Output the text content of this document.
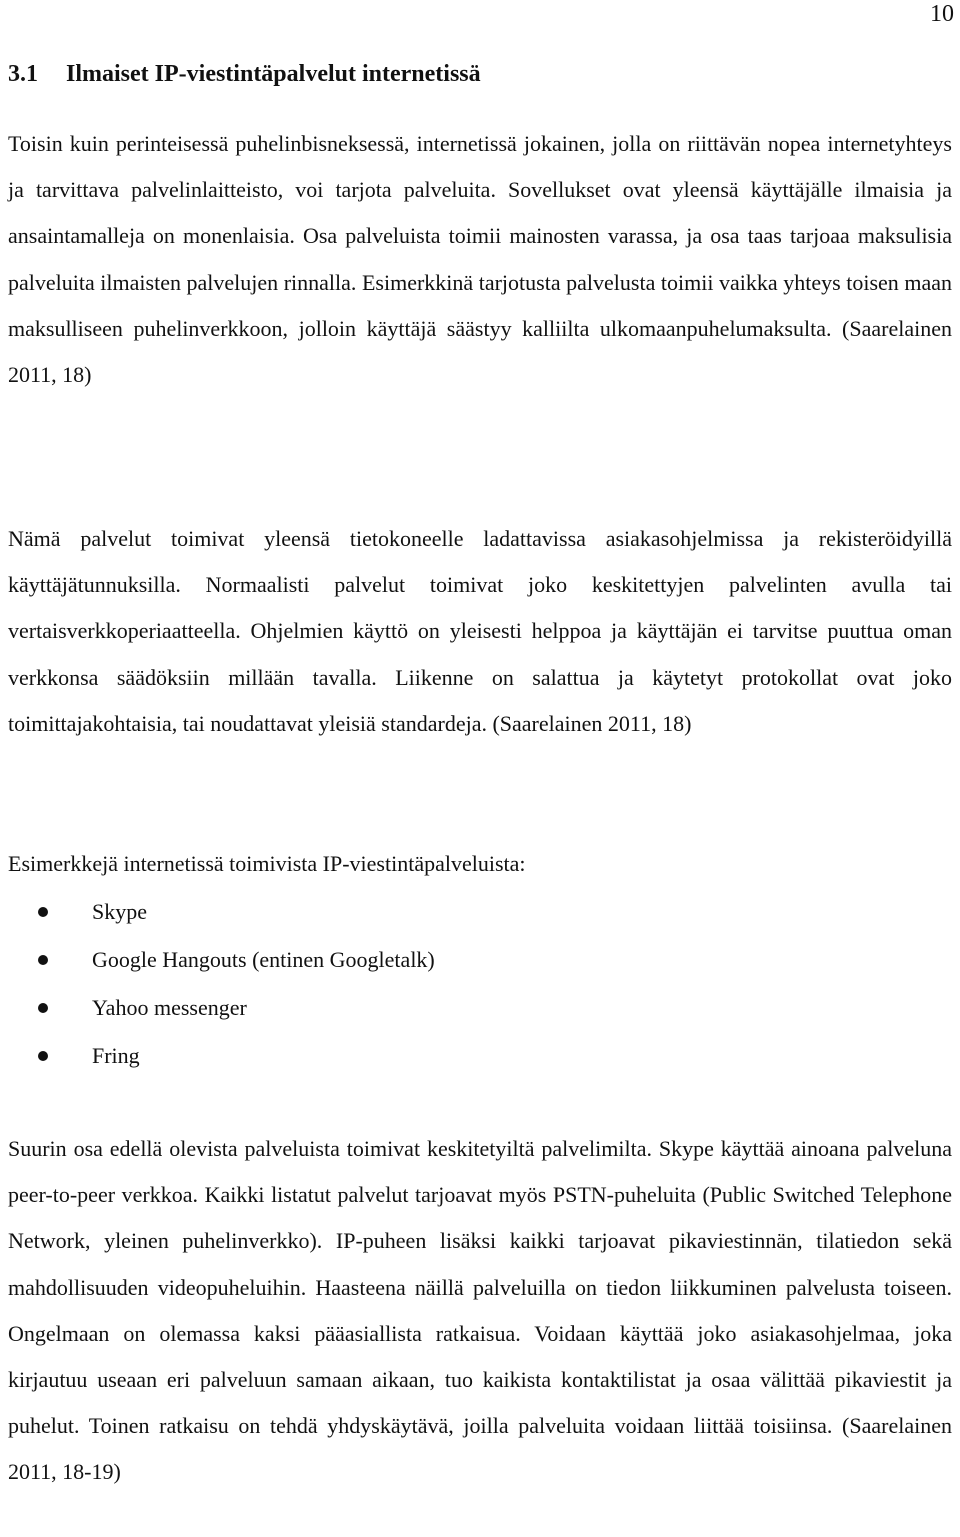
10
3.1 Ilmaiset IP-viestintäpalvelut internetissä

Toisin kuin perinteisessä puhelinbisneksessä, internetissä jokainen, jolla on riittävän nopea internetyhteys ja tarvittava palvelinlaitteisto, voi tarjota palveluita. Sovellukset ovat yleensä käyttäjälle ilmaisia ja ansaintamalleja on monenlaisia. Osa palveluista toimii mainosten varassa, ja osa taas tarjoaa maksulisia palveluita ilmaisten palvelujen rinnalla. Esimerkkinä tarjotusta palvelusta toimii vaikka yhteys toisen maan maksulliseen puhelinverkkoon, jolloin käyttäjä säästyy kalliilta ulkomaanpuhelumaksulta. (Saarelainen 2011, 18)

Nämä palvelut toimivat yleensä tietokoneelle ladattavissa asiakasohjelmissa ja rekisteröidyillä käyttäjätunnuksilla. Normaalisti palvelut toimivat joko keskitettyjen palvelinten avulla tai vertaisverkkoperiaatteella. Ohjelmien käyttö on yleisesti helppoa ja käyttäjän ei tarvitse puuttua oman verkkonsa säädöksiin millään tavalla. Liikenne on salattua ja käytetyt protokollat ovat joko toimittajakohtaisia, tai noudattavat yleisiä standardeja. (Saarelainen 2011, 18)

Esimerkkejä internetissä toimivista IP-viestintäpalveluista:

Skype
Google Hangouts (entinen Googletalk)
Yahoo messenger
Fring

Suurin osa edellä olevista palveluista toimivat keskitetyiltä palvelimilta. Skype käyttää ainoana palveluna peer-to-peer verkkoa. Kaikki listatut palvelut tarjoavat myös PSTN-puheluita (Public Switched Telephone Network, yleinen puhelinverkko). IP-puheen lisäksi kaikki tarjoavat pikaviestinnän, tilatiedon sekä mahdollisuuden videopuheluihin. Haasteena näillä palveluilla on tiedon liikkuminen palvelusta toiseen. Ongelmaan on olemassa kaksi pääasiallista ratkaisua. Voidaan käyttää joko asiakasohjelmaa, joka kirjautuu useaan eri palveluun samaan aikaan, tuo kaikista kontaktilistat ja osaa välittää pikaviestit ja puhelut. Toinen ratkaisu on tehdä yhdyskäytävä, joilla palveluita voidaan liittää toisiinsa. (Saarelainen 2011, 18-19)
